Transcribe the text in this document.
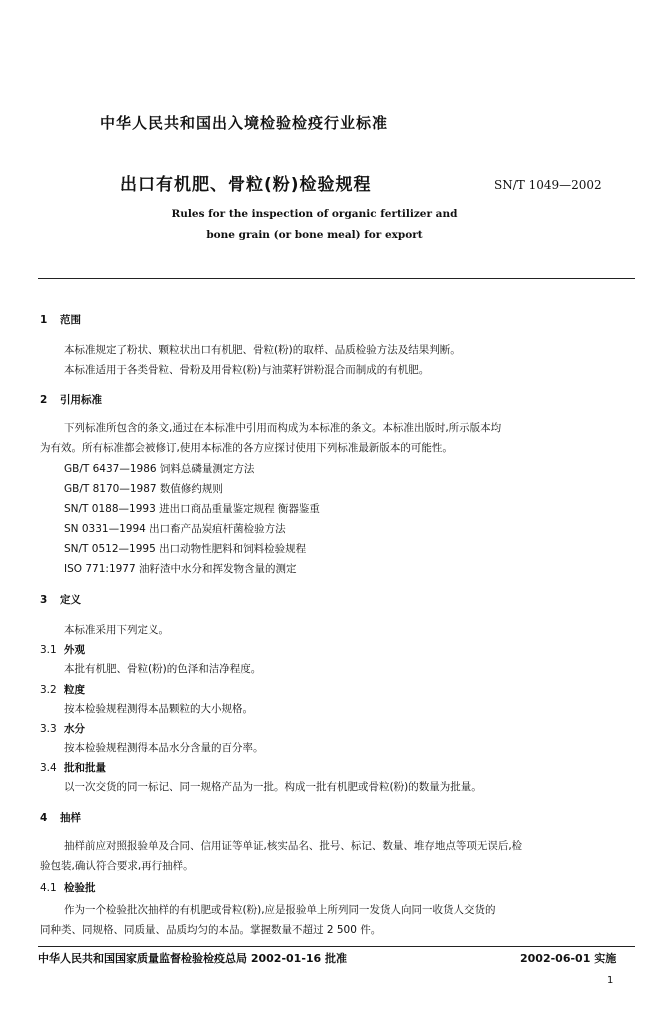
中华人民共和国出入境检验检疫行业标准
出口有机肥、骨粒(粉)检验规程	SN/T 1049—2002
Rules for the inspection of organic fertilizer and
bone grain (or bone meal) for export
1 范围
本标准规定了粉状、颗粒状出口有机肥、骨粒(粉)的取样、品质检验方法及结果判断。
本标准适用于各类骨粒、骨粉及用骨粒(粉)与油菜籽饼粉混合而制成的有机肥。
2 引用标准
下列标准所包含的条文,通过在本标准中引用而构成为本标准的条文。本标准出版时,所示版本均
为有效。所有标准都会被修订,使用本标准的各方应探讨使用下列标准最新版本的可能性。
GB/T 6437—1986 饲料总磷量测定方法
GB/T 8170—1987 数值修约规则
SN/T 0188—1993 进出口商品重量鉴定规程 衡器鉴重
SN 0331—1994 出口畜产品炭疽杆菌检验方法
SN/T 0512—1995 出口动物性肥料和饲料检验规程
ISO 771:1977 油籽渣中水分和挥发物含量的测定
3 定义
本标准采用下列定义。
3.1 外观
本批有机肥、骨粒(粉)的色泽和洁净程度。
3.2 粒度
按本检验规程测得本品颗粒的大小规格。
3.3 水分
按本检验规程测得本品水分含量的百分率。
3.4 批和批量
以一次交货的同一标记、同一规格产品为一批。构成一批有机肥或骨粒(粉)的数量为批量。
4 抽样
抽样前应对照报验单及合同、信用证等单证,核实品名、批号、标记、数量、堆存地点等项无误后,检
验包装,确认符合要求,再行抽样。
4.1 检验批
作为一个检验批次抽样的有机肥或骨粒(粉),应是报验单上所列同一发货人向同一收货人交货的
同种类、同规格、同质量、品质均匀的本品。掌握数量不超过 2 500 件。
中华人民共和国国家质量监督检验检疫总局 2002-01-16 批准	2002-06-01 实施
1
